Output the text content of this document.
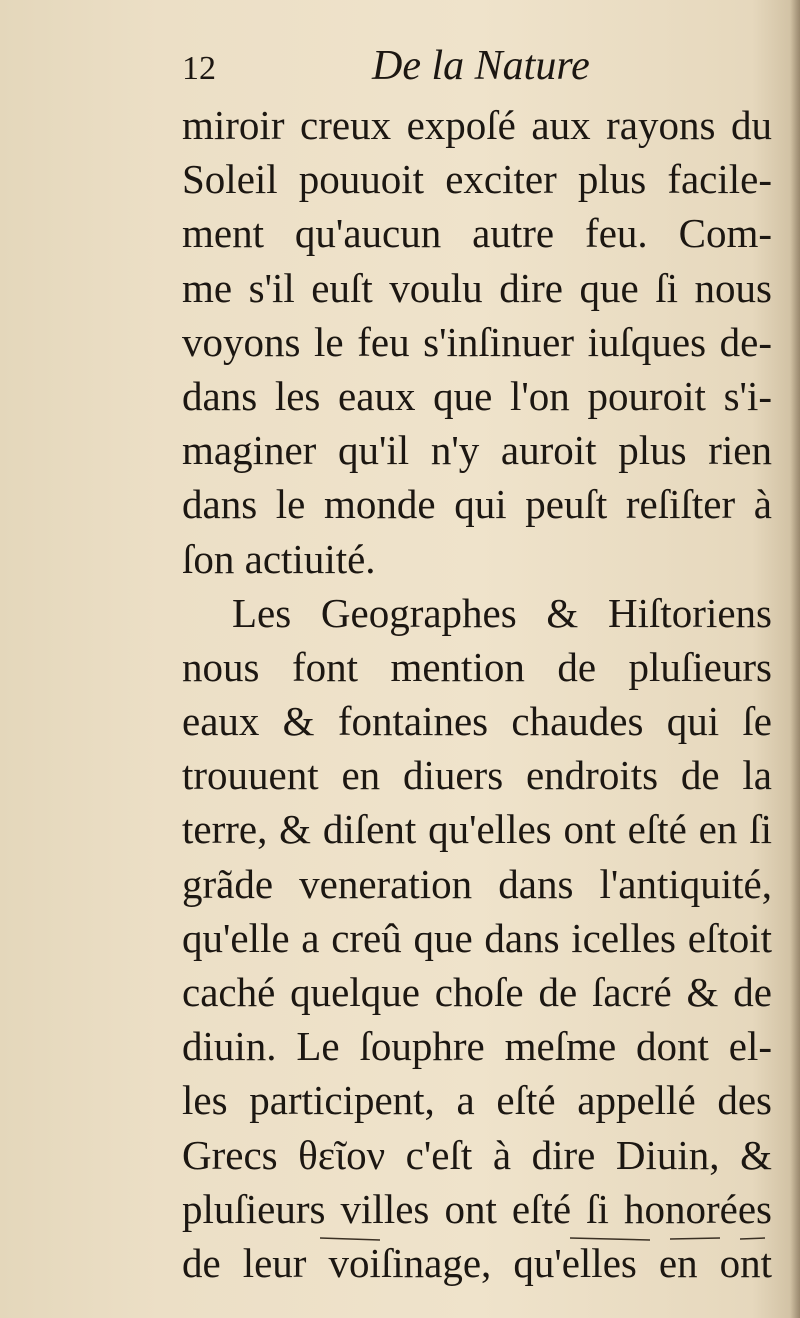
12	De la Nature
miroir creux expoſé aux rayons du
Soleil pouuoit exciter plus facile-
ment qu'aucun autre feu. Com-
me s'il euſt voulu dire que ſi nous
voyons le feu s'inſinuer iuſques de-
dans les eaux que l'on pouroit s'i-
maginer qu'il n'y auroit plus rien
dans le monde qui peuſt reſiſter à
ſon actiuité.
Les Geographes & Hiſtoriens
nous font mention de pluſieurs
eaux & fontaines chaudes qui ſe
trouuent en diuers endroits de la
terre, & diſent qu'elles ont eſté en ſi
grãde veneration dans l'antiquité,
qu'elle a creû que dans icelles eſtoit
caché quelque choſe de ſacré & de
diuin. Le ſouphre meſme dont el-
les participent, a eſté appellé des
Grecs θεῖον c'eſt à dire Diuin, &
pluſieurs villes ont eſté ſi honorées
de leur voiſinage, qu'elles en ont
